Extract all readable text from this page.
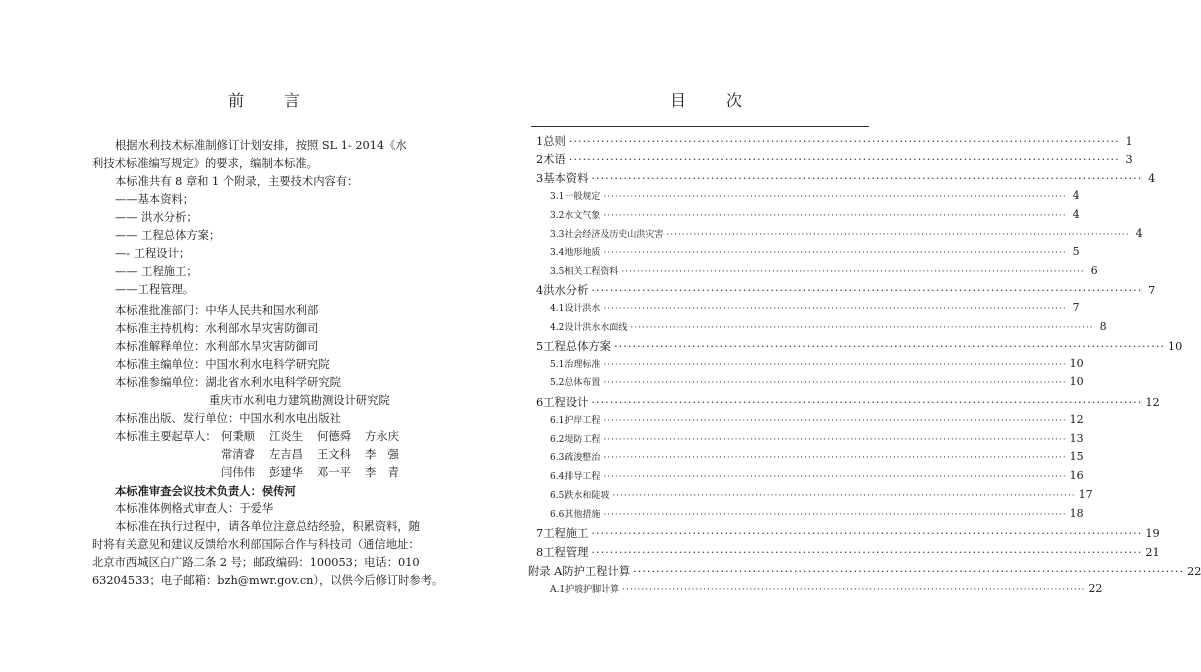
前 言

根据水利技术标准制修订计划安排，按照 SL 1- 2014《水

利技术标准编写规定》的要求，编制本标准。

本标准共有 8 章和 1 个附录，主要技术内容有：

——基本资料；

—— 洪水分析；

—— 工程总体方案；

—- 工程设计；

—— 工程施工；

——工程管理。

本标准批准部门：中华人民共和国水利部

本标准主持机构：水利部水旱灾害防御司

本标准解释单位：水利部水旱灾害防御司

本标准主编单位：中国水利水电科学研究院

本标准参编单位：湖北省水利水电科学研究院

重庆市水利电力建筑勘测设计研究院

本标准出版、发行单位：中国水利水电出版社

本标准主要起草人： 何秉顺	江炎生	何德舜	方永庆
常清睿	左吉昌	王文科	李　强
闫伟伟	彭建华	邓一平	李　青

本标准审查会议技术负责人：侯传河

本标准体例格式审查人：于爱华

本标准在执行过程中，请各单位注意总结经验，积累资料，随

时将有关意见和建议反馈给水利部国际合作与科技司（通信地址：

北京市西城区白广路二条 2 号；邮政编码：100053；电话：010

63204533；电子邮箱：bzh@mwr.gov.cn），以供今后修订时参考。

目 次
1 总则 ························································································································ 1
2 术语 ························································································································ 3
3 基本资料 ························································································································ 4
3.1 一般规定 ························································································································ 4
3.2 水文气象 ························································································································ 4
3.3 社会经济及历史山洪灾害 ························································································································ 4
3.4 地形地质 ························································································································ 5
3.5 相关工程资料 ························································································································ 6
4 洪水分析 ························································································································ 7
4.1 设计洪水 ························································································································ 7
4.2 设计洪水水面线 ························································································································ 8
5 工程总体方案 ························································································································ 10
5.1 治理标准 ························································································································ 10
5.2 总体布置 ························································································································ 10
6 工程设计 ························································································································ 12
6.1 护岸工程 ························································································································ 12
6.2 堤防工程 ························································································································ 13
6.3 疏浚整治 ························································································································ 15
6.4 排导工程 ························································································································ 16
6.5 跌水和陡坡 ························································································································ 17
6.6 其他措施 ························································································································ 18
7 工程施工 ························································································································ 19
8 工程管理 ························································································································ 21
附录 A 防护工程计算 ························································································································ 22
A.1 护坡护脚计算 ························································································································ 22
